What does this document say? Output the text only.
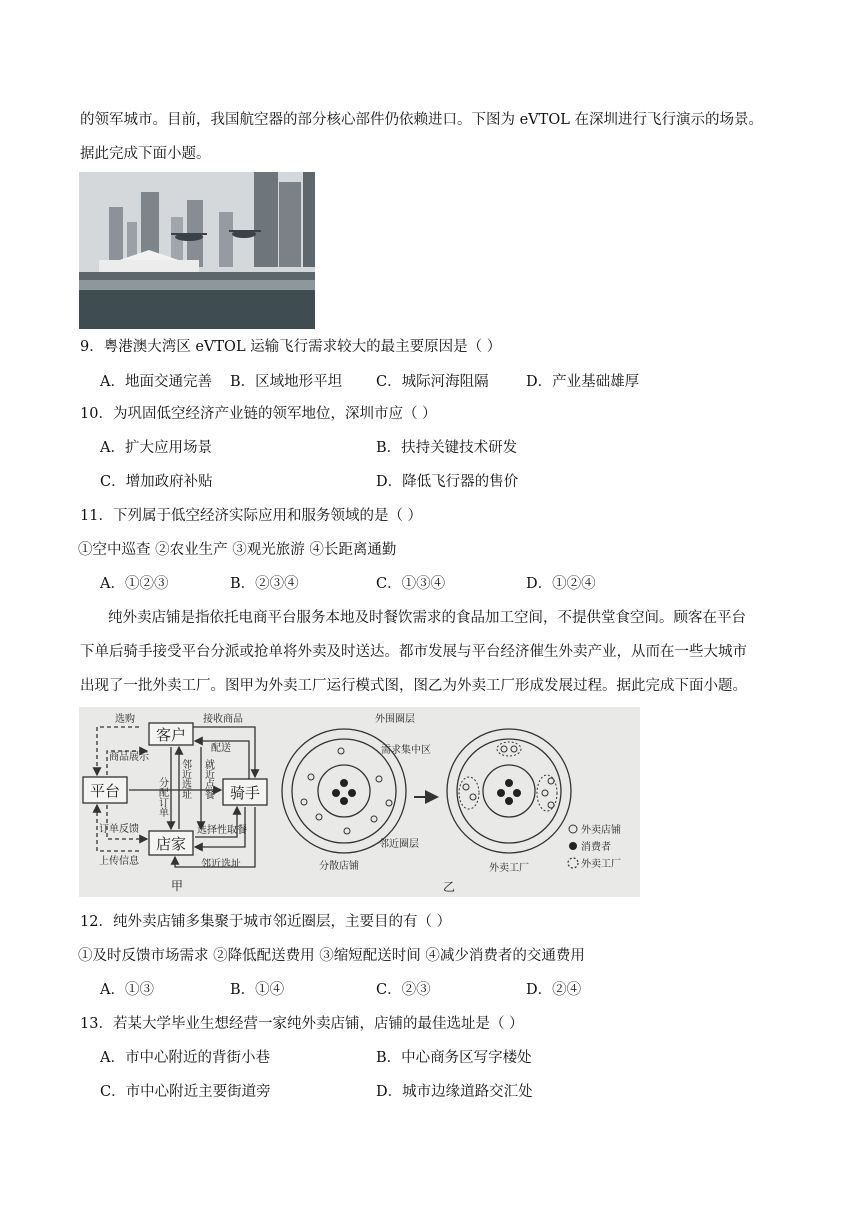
的领军城市。目前，我国航空器的部分核心部件仍依赖进口。下图为 eVTOL 在深圳进行飞行演示的场景。
据此完成下面小题。
9．粤港澳大湾区 eVTOL 运输飞行需求较大的最主要原因是（ ）
A．地面交通完善 B．区域地形平坦 C．城际河海阻隔	D．产业基础雄厚
10．为巩固低空经济产业链的领军地位，深圳市应（ ）
A．扩大应用场景	B．扶持关键技术研发
C．增加政府补贴	D．降低飞行器的售价
11．下列属于低空经济实际应用和服务领域的是（ ）
①空中巡查 ②农业生产 ③观光旅游 ④长距离通勤
A．①②③	B．②③④	C．①③④	D．①②④
纯外卖店铺是指依托电商平台服务本地及时餐饮需求的食品加工空间，不提供堂食空间。顾客在平台
下单后骑手接受平台分派或抢单将外卖及时送达。都市发展与平台经济催生外卖产业，从而在一些大城市
出现了一批外卖工厂。图甲为外卖工厂运行模式图，图乙为外卖工厂形成发展过程。据此完成下面小题。
客户
平台	骑手
店家
选购	接收商品
商品展示
配送
订单反馈
上传信息
选择性取餐
邻近选址
邻近选址
分配订单	就近点餐
甲
外围圈层
需求集中区
邻近圈层
分散店铺	外卖工厂
乙
外卖店铺
消费者
外卖工厂
12．纯外卖店铺多集聚于城市邻近圈层，主要目的有（ ）
①及时反馈市场需求 ②降低配送费用 ③缩短配送时间 ④减少消费者的交通费用
A．①③	B．①④	C．②③	D．②④
13．若某大学毕业生想经营一家纯外卖店铺，店铺的最佳选址是（ ）
A．市中心附近的背街小巷	B．中心商务区写字楼处
C．市中心附近主要街道旁	D．城市边缘道路交汇处
